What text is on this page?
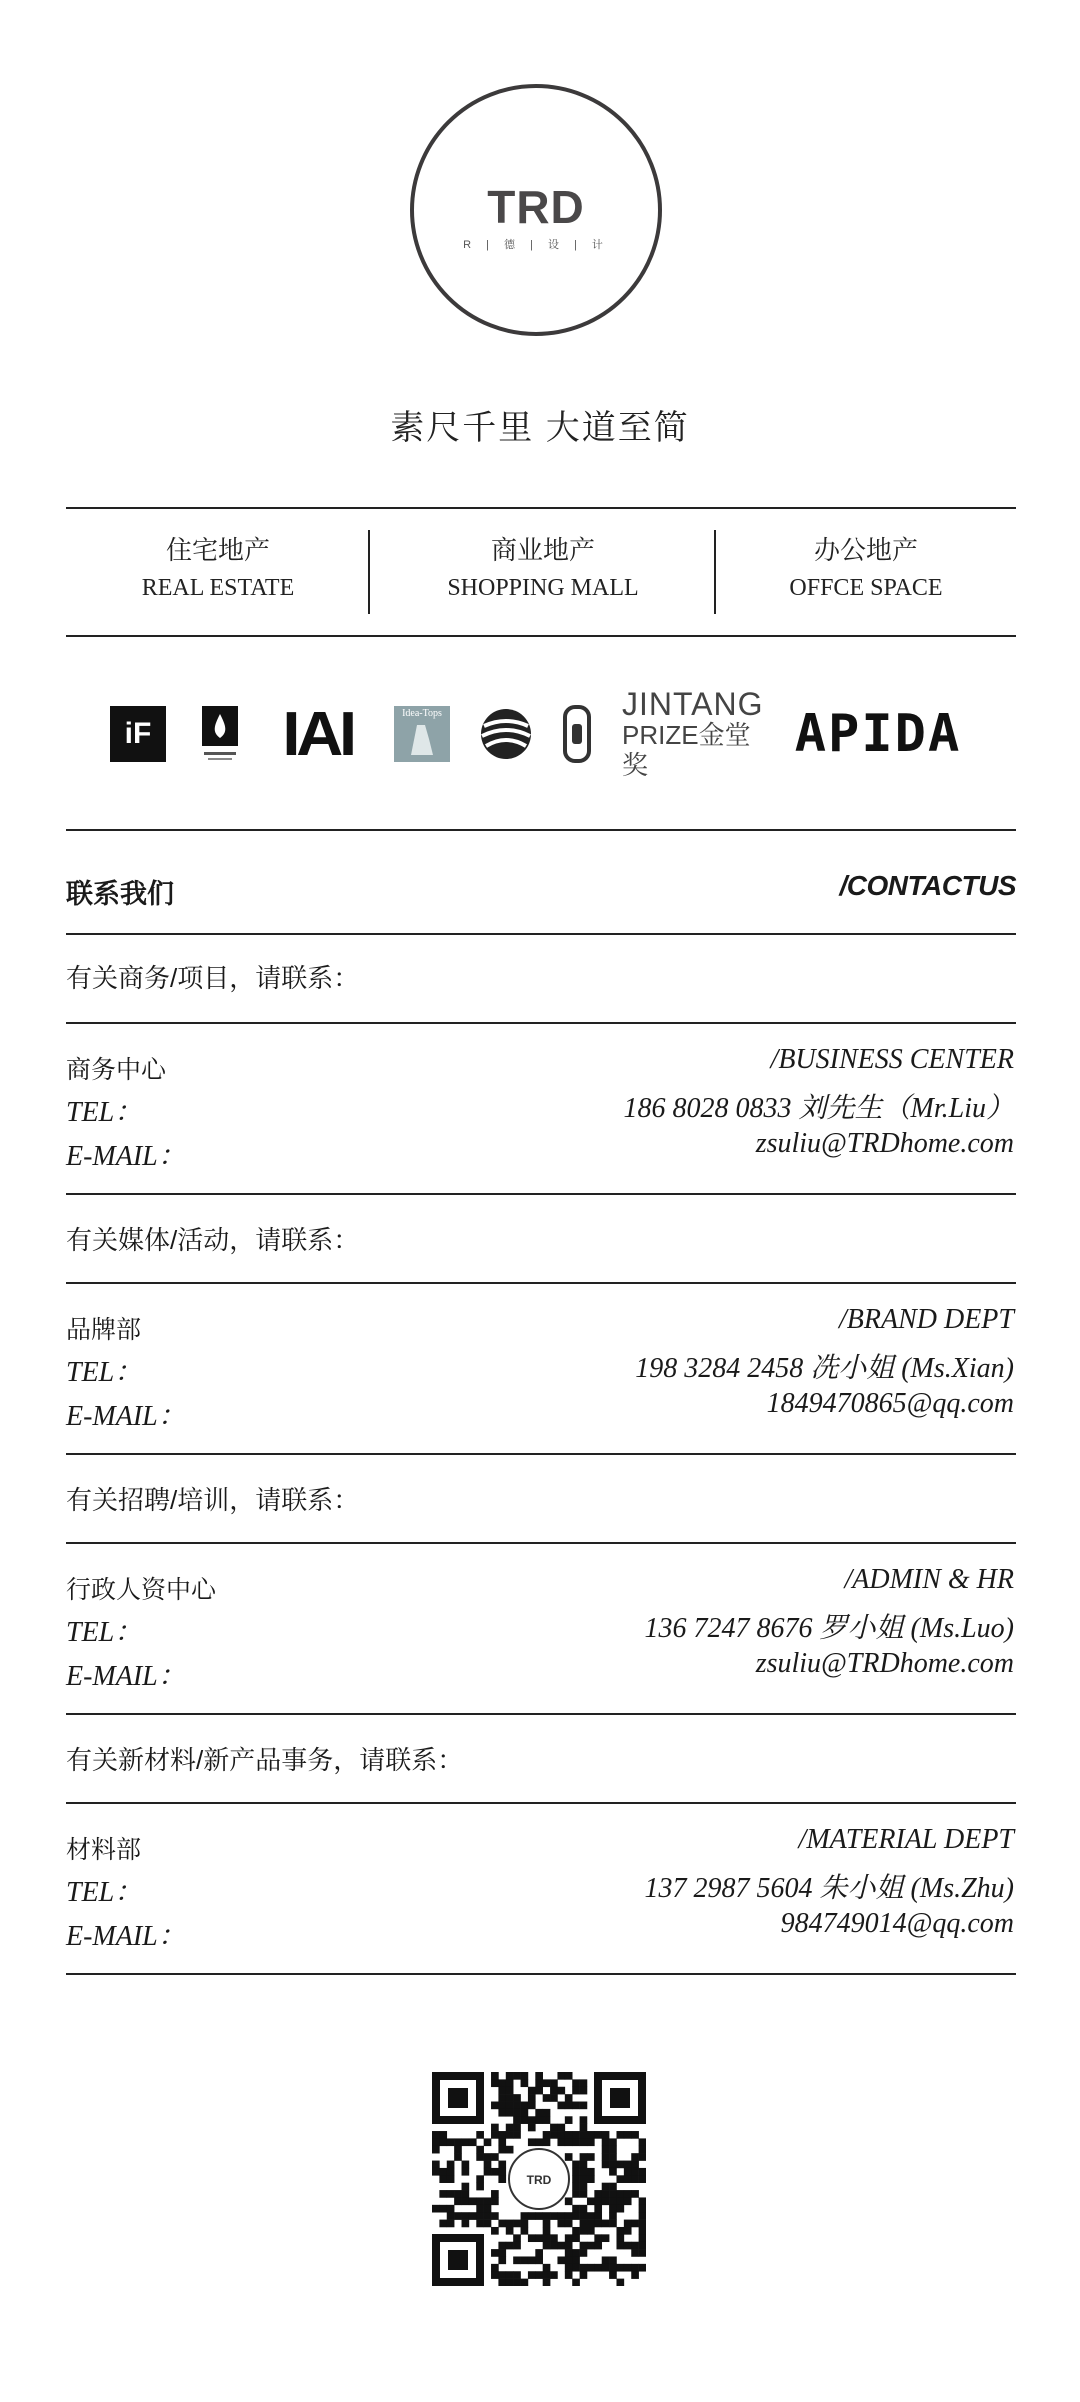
TRD
R | 德 | 设 | 计
素尺千里 大道至简
住宅地产
REAL ESTATE
商业地产
SHOPPING MALL
办公地产
OFFCE SPACE
iF IAI	Idea-Tops	JINTANG
PRIZE金堂奖
APIDA
联系我们	/CONTACTUS
有关商务/项目，请联系：
商务中心	/BUSINESS CENTER
TEL：	186 8028 0833 刘先生（Mr.Liu）
E-MAIL：	zsuliu@TRDhome.com
有关媒体/活动，请联系：
品牌部	/BRAND DEPT
TEL：	198 3284 2458 冼小姐 (Ms.Xian)
E-MAIL：	1849470865@qq.com
有关招聘/培训，请联系：
行政人资中心	/ADMIN & HR
TEL：	136 7247 8676 罗小姐 (Ms.Luo)
E-MAIL：	zsuliu@TRDhome.com
有关新材料/新产品事务，请联系：
材料部	/MATERIAL DEPT
TEL：	137 2987 5604 朱小姐 (Ms.Zhu)
E-MAIL：	984749014@qq.com
TRD
